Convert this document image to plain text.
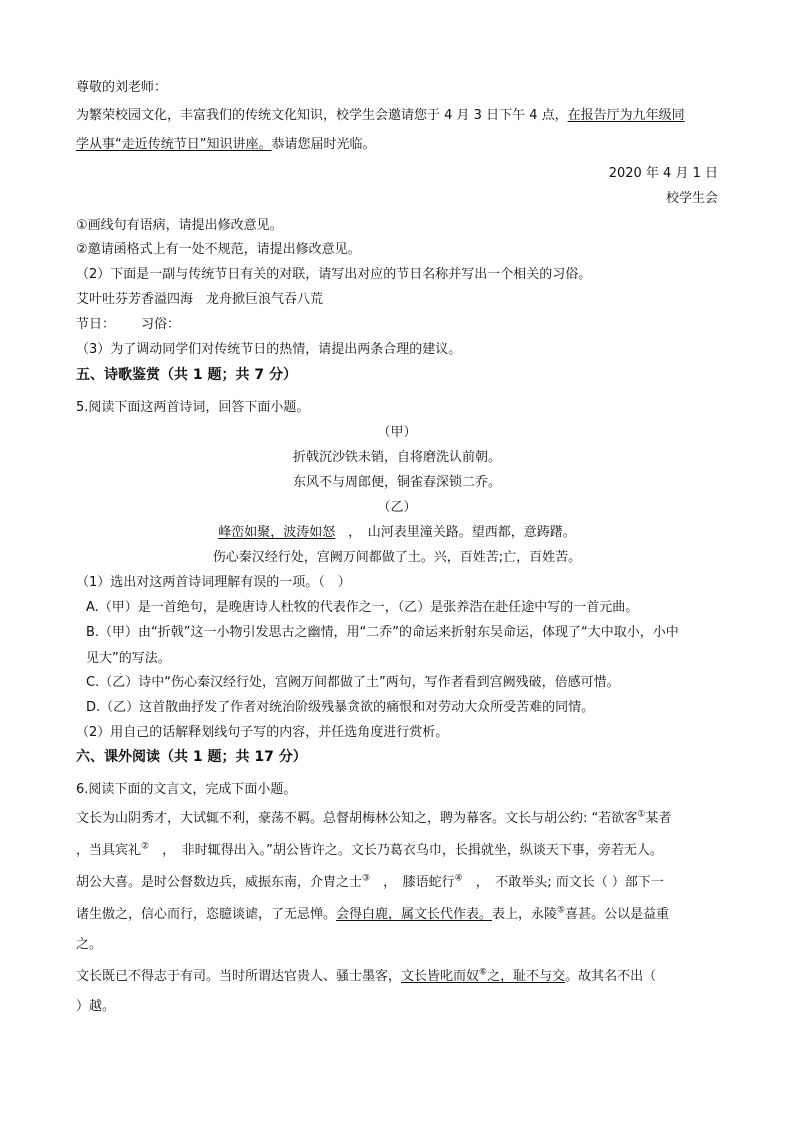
尊敬的刘老师：
为繁荣校园文化，丰富我们的传统文化知识，校学生会邀请您于 4 月 3 日下午 4 点，在报告厅为九年级同
学从事“走近传统节日”知识讲座。恭请您届时光临。
2020 年 4 月 1 日
校学生会
①画线句有语病，请提出修改意见。
②邀请函格式上有一处不规范，请提出修改意见。
（2）下面是一副与传统节日有关的对联，请写出对应的节日名称并写出一个相关的习俗。
艾叶吐芬芳香溢四海　龙舟掀巨浪气吞八荒
节日： 习俗：
（3）为了调动同学们对传统节日的热情，请提出两条合理的建议。
五、诗歌鉴赏（共 1 题；共 7 分）
5.阅读下面这两首诗词，回答下面小题。
（甲）
折戟沉沙铁未销，自将磨洗认前朝。
东风不与周郎便，铜雀春深锁二乔。
（乙）
峰峦如聚，波涛如怒　，　山河表里潼关路。望西都，意踌躇。
伤心秦汉经行处，宫阙万间都做了土。兴，百姓苦;亡，百姓苦。
（1）选出对这两首诗词理解有误的一项。（　）
A.（甲）是一首绝句，是晚唐诗人杜牧的代表作之一，（乙）是张养浩在赴任途中写的一首元曲。
B.（甲）由“折戟”这一小物引发思古之幽情，用“二乔”的命运来折射东吴命运，体现了“大中取小，小中
见大”的写法。
C.（乙）诗中“伤心秦汉经行处，宫阙万间都做了土”两句，写作者看到宫阙残破，倍感可惜。
D.（乙）这首散曲抒发了作者对统治阶级残暴贪欲的痛恨和对劳动大众所受苦难的同情。
（2）用自己的话解释划线句子写的内容，并任选角度进行赏析。
六、课外阅读（共 1 题；共 17 分）
6.阅读下面的文言文，完成下面小题。
文长为山阴秀才，大试辄不利，豪荡不羁。总督胡梅林公知之，聘为幕客。文长与胡公约: “若欲客①某者
，当具宾礼②　，　非时辄得出入。”胡公皆许之。文长乃葛衣乌巾，长揖就坐，纵谈天下事，旁若无人。
胡公大喜。是时公督数边兵，威振东南，介胄之士③　，　膝语蛇行④　，　不敢举头; 而文长（ ）部下一
诸生傲之，信心而行，恣臆谈谑，了无忌惮。会得白鹿，属文长代作表。表上，永陵⑤喜甚。公以是益重
之。
文长既已不得志于有司。当时所谓达官贵人、骚士墨客，文长皆叱而奴⑥之，耻不与交。故其名不出（
）越。
